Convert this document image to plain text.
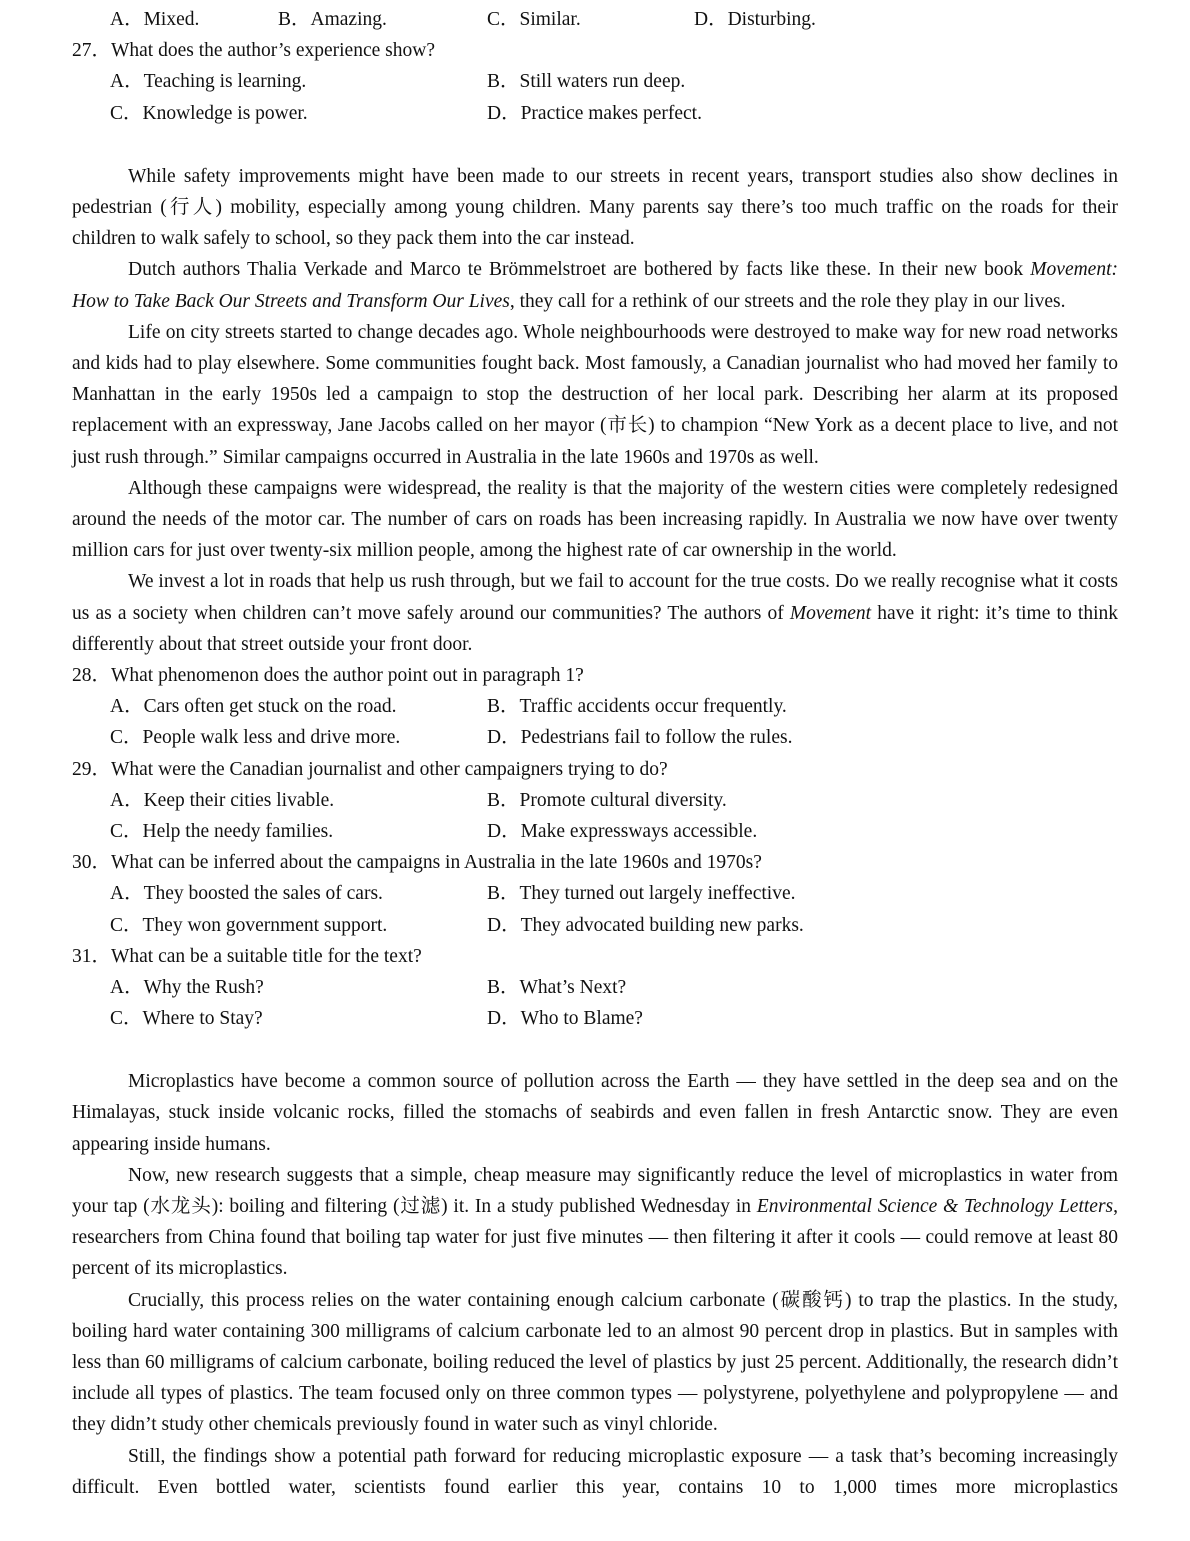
A．Mixed.	B．Amazing.	C．Similar.	D．Disturbing.
27．What does the author’s experience show?
A．Teaching is learning.	B．Still waters run deep.
C．Knowledge is power.	D．Practice makes perfect.

While safety improvements might have been made to our streets in recent years, transport studies also show declines in pedestrian (行人) mobility, especially among young children. Many parents say there’s too much traffic on the roads for their children to walk safely to school, so they pack them into the car instead.

Dutch authors Thalia Verkade and Marco te Brömmelstroet are bothered by facts like these. In their new book Movement: How to Take Back Our Streets and Transform Our Lives, they call for a rethink of our streets and the role they play in our lives.

Life on city streets started to change decades ago. Whole neighbourhoods were destroyed to make way for new road networks and kids had to play elsewhere. Some communities fought back. Most famously, a Canadian journalist who had moved her family to Manhattan in the early 1950s led a campaign to stop the destruction of her local park. Describing her alarm at its proposed replacement with an expressway, Jane Jacobs called on her mayor (市长) to champion “New York as a decent place to live, and not just rush through.” Similar campaigns occurred in Australia in the late 1960s and 1970s as well.

Although these campaigns were widespread, the reality is that the majority of the western cities were completely redesigned around the needs of the motor car. The number of cars on roads has been increasing rapidly. In Australia we now have over twenty million cars for just over twenty-six million people, among the highest rate of car ownership in the world.

We invest a lot in roads that help us rush through, but we fail to account for the true costs. Do we really recognise what it costs us as a society when children can’t move safely around our communities? The authors of Movement have it right: it’s time to think differently about that street outside your front door.

28．What phenomenon does the author point out in paragraph 1?
A．Cars often get stuck on the road.	B．Traffic accidents occur frequently.
C．People walk less and drive more.	D．Pedestrians fail to follow the rules.
29．What were the Canadian journalist and other campaigners trying to do?
A．Keep their cities livable.	B．Promote cultural diversity.
C．Help the needy families.	D．Make expressways accessible.
30．What can be inferred about the campaigns in Australia in the late 1960s and 1970s?
A．They boosted the sales of cars.	B．They turned out largely ineffective.
C．They won government support.	D．They advocated building new parks.
31．What can be a suitable title for the text?
A．Why the Rush?	B．What’s Next?
C．Where to Stay?	D．Who to Blame?

Microplastics have become a common source of pollution across the Earth — they have settled in the deep sea and on the Himalayas, stuck inside volcanic rocks, filled the stomachs of seabirds and even fallen in fresh Antarctic snow. They are even appearing inside humans.

Now, new research suggests that a simple, cheap measure may significantly reduce the level of microplastics in water from your tap (水龙头): boiling and filtering (过滤) it. In a study published Wednesday in Environmental Science & Technology Letters, researchers from China found that boiling tap water for just five minutes — then filtering it after it cools — could remove at least 80 percent of its microplastics.

Crucially, this process relies on the water containing enough calcium carbonate (碳酸钙) to trap the plastics. In the study, boiling hard water containing 300 milligrams of calcium carbonate led to an almost 90 percent drop in plastics. But in samples with less than 60 milligrams of calcium carbonate, boiling reduced the level of plastics by just 25 percent. Additionally, the research didn’t include all types of plastics. The team focused only on three common types — polystyrene, polyethylene and polypropylene — and they didn’t study other chemicals previously found in water such as vinyl chloride.

Still, the findings show a potential path forward for reducing microplastic exposure — a task that’s becoming increasingly difficult. Even bottled water, scientists found earlier this year, contains 10 to 1,000 times more microplastics
